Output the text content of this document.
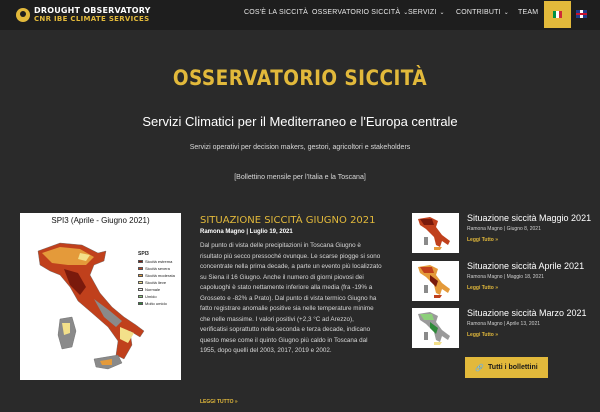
DROUGHT OBSERVATORY
CNR IBE CLIMATE SERVICES
COS'È LA SICCITÀ OSSERVATORIO SICCITÀ ⌄ SERVIZI ⌄ CONTRIBUTI ⌄ TEAM
OSSERVATORIO SICCITÀ
Servizi Climatici per il Mediterraneo e l'Europa centrale
Servizi operativi per decision makers, gestori, agricoltori e stakeholders
[Bollettino mensile per l'Italia e la Toscana]
SPI3 (Aprile - Giugno 2021)
SPI3
Siccità estrema
Siccità severa
Siccità moderata
Siccità lieve
Normale
Umido
Molto umido
SITUAZIONE SICCITÀ GIUGNO 2021
Ramona Magno | Luglio 19, 2021
Dal punto di vista delle precipitazioni in Toscana Giugno è risultato più secco pressoché ovunque. Le scarse piogge si sono concentrate nella prima decade, a parte un evento più localizzato su Siena il 16 Giugno. Anche il numero di giorni piovosi dei capoluoghi è stato nettamente inferiore alla media (fra -19% a Grosseto e -82% a Prato). Dal punto di vista termico Giugno ha fatto registrare anomalie positive sia nelle temperature minime che nelle massime. I valori positivi (+2,3 °C ad Arezzo), verificatisi soprattutto nella seconda e terza decade, indicano questo mese come il quinto Giugno più caldo in Toscana dal 1955, dopo quelli del 2003, 2017, 2019 e 2002.
LEGGI TUTTO »
Situazione siccità Maggio 2021
Ramona Magno | Giugno 8, 2021
Leggi Tutto »
Situazione siccità Aprile 2021
Ramona Magno | Maggio 18, 2021
Leggi Tutto »
Situazione siccità Marzo 2021
Ramona Magno | Aprile 13, 2021
Leggi Tutto »
🔗 Tutti i bollettini
